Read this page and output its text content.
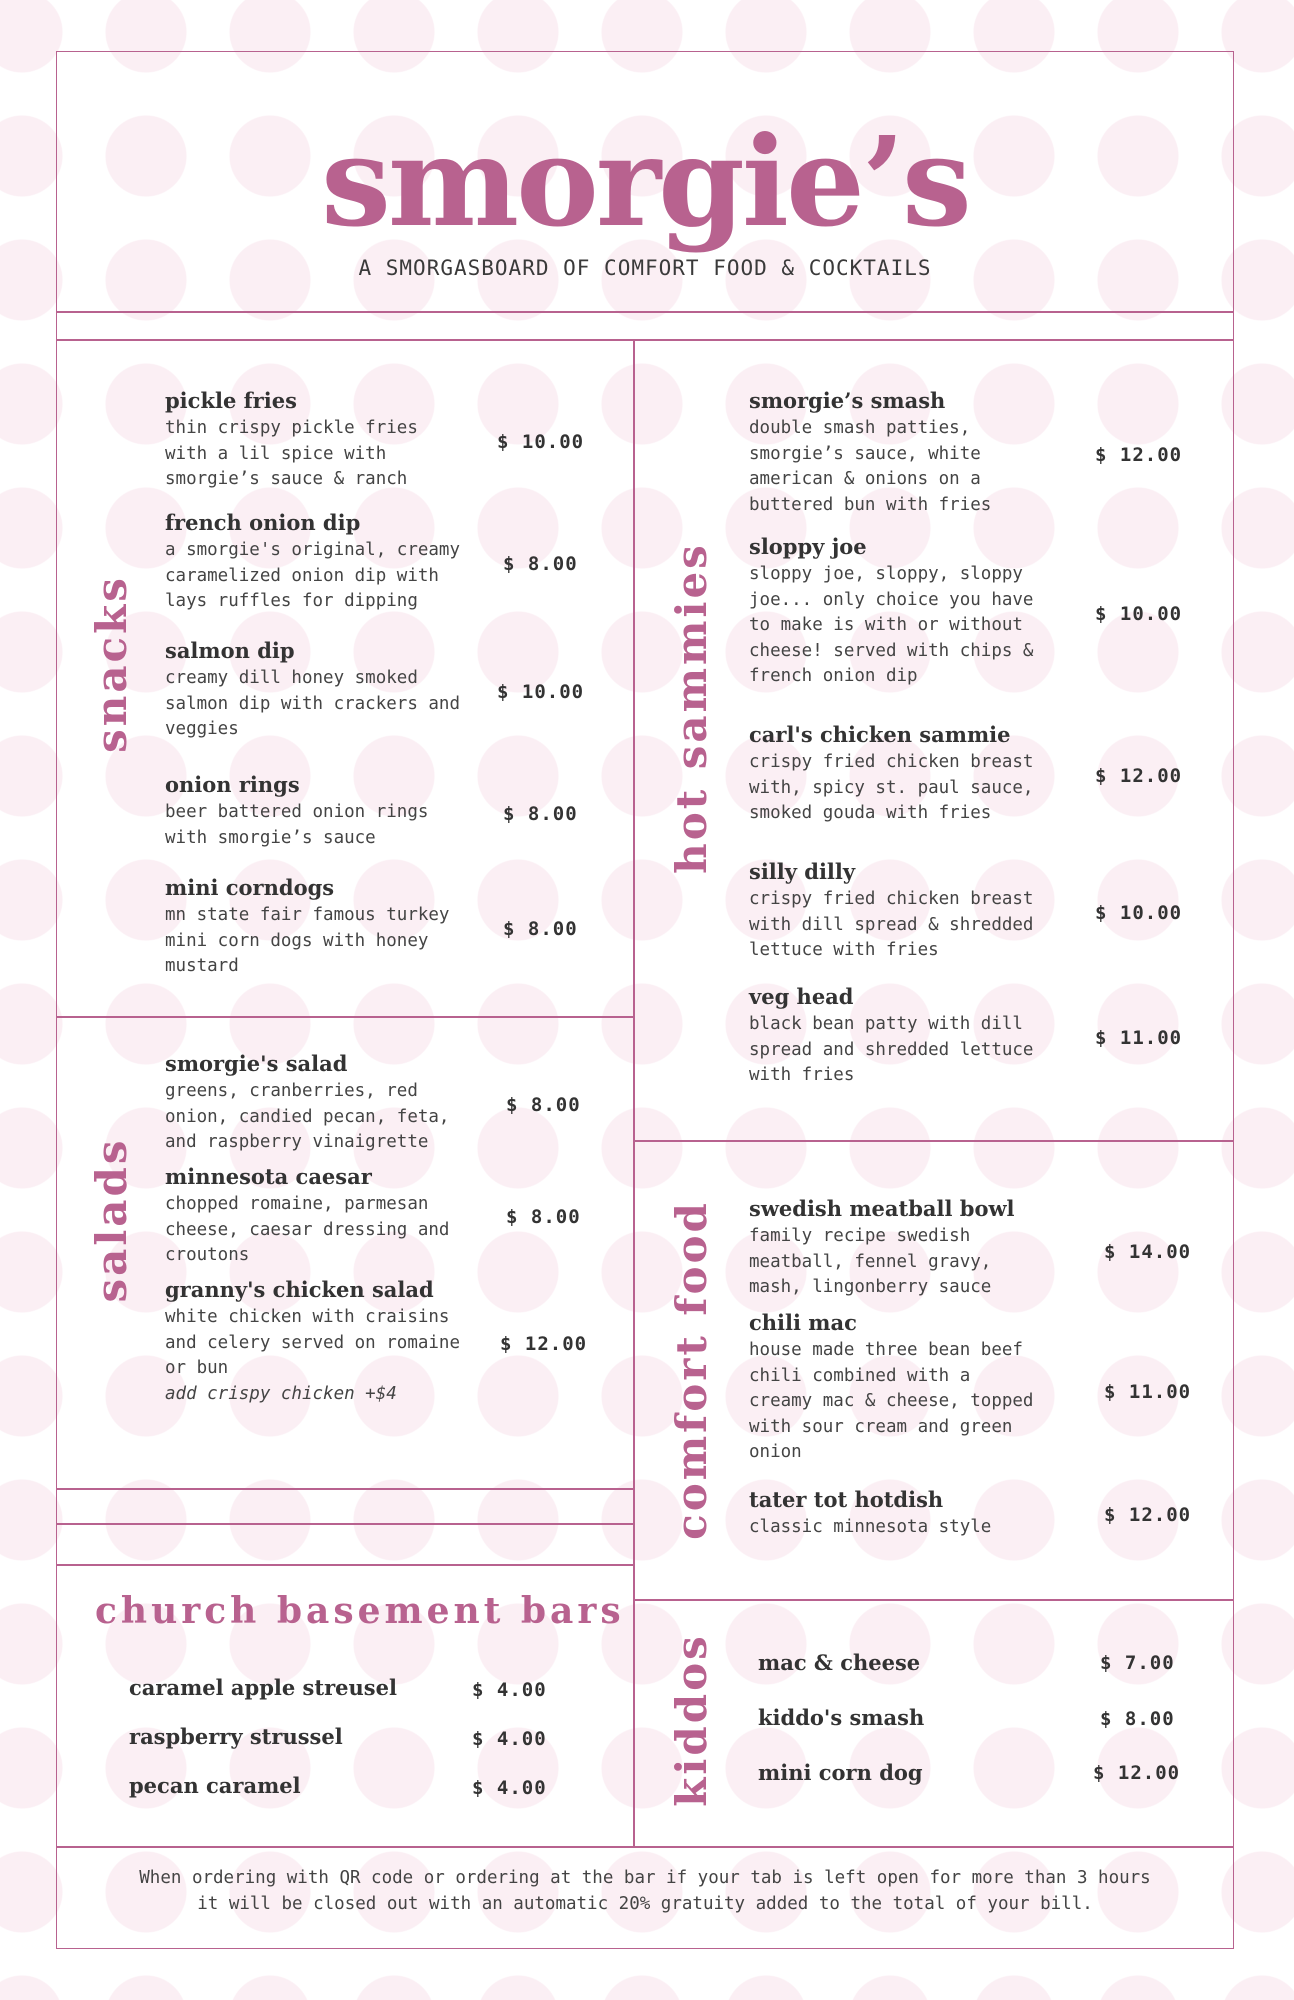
smorgie’s
A SMORGASBOARD OF COMFORT FOOD & COCKTAILS
snacks
pickle fries
thin crispy pickle fries
with a lil spice with
smorgie’s sauce & ranch
$ 10.00
french onion dip
a smorgie's original, creamy
caramelized onion dip with
lays ruffles for dipping
$ 8.00
salmon dip
creamy dill honey smoked
salmon dip with crackers and
veggies
$ 10.00
onion rings
beer battered onion rings
with smorgie’s sauce
$ 8.00
mini corndogs
mn state fair famous turkey
mini corn dogs with honey
mustard
$ 8.00
salads
smorgie's salad
greens, cranberries, red
onion, candied pecan, feta,
and raspberry vinaigrette
$ 8.00
minnesota caesar
chopped romaine, parmesan
cheese, caesar dressing and
croutons
$ 8.00
granny's chicken salad
white chicken with craisins
and celery served on romaine
or bun
add crispy chicken +$4
$ 12.00
church basement bars
caramel apple streusel	$ 4.00
raspberry strussel	$ 4.00
pecan caramel	$ 4.00
hot sammies
smorgie’s smash
double smash patties,
smorgie’s sauce, white
american & onions on a
buttered bun with fries
$ 12.00
sloppy joe
sloppy joe, sloppy, sloppy
joe... only choice you have
to make is with or without
cheese! served with chips &
french onion dip
$ 10.00
carl's chicken sammie
crispy fried chicken breast
with, spicy st. paul sauce,
smoked gouda with fries
$ 12.00
silly dilly
crispy fried chicken breast
with dill spread & shredded
lettuce with fries
$ 10.00
veg head
black bean patty with dill
spread and shredded lettuce
with fries
$ 11.00
comfort food swedish meatball bowl
family recipe swedish
meatball, fennel gravy,
mash, lingonberry sauce
$ 14.00
chili mac
house made three bean beef
chili combined with a
creamy mac & cheese, topped
with sour cream and green
onion
$ 11.00
tater tot hotdish
classic minnesota style
$ 12.00
kiddos mac & cheese	$ 7.00
kiddo's smash	$ 8.00
mini corn dog	$ 12.00
When ordering with QR code or ordering at the bar if your tab is left open for more than 3 hours
it will be closed out with an automatic 20% gratuity added to the total of your bill.
